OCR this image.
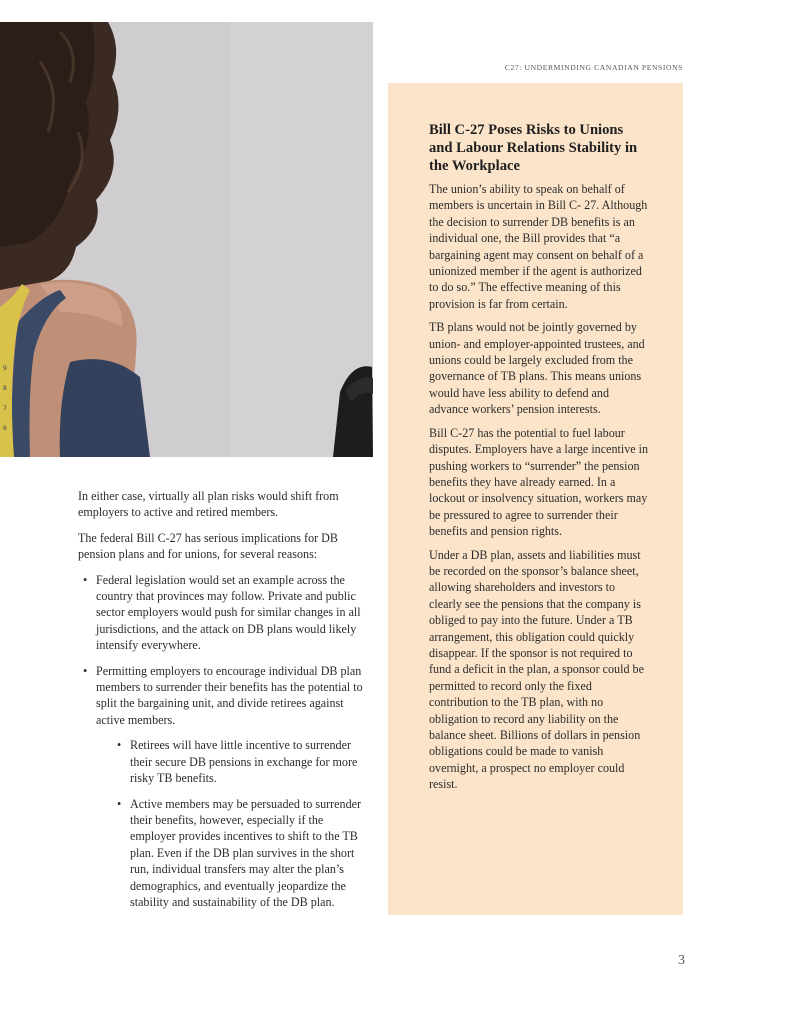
9
8
7
6
C27: UNDERMINDING CANADIAN PENSIONS
Bill C-27 Poses Risks to Unions and Labour Relations Stability in the Workplace

The union’s ability to speak on behalf of members is uncertain in Bill C- 27. Although the decision to surrender DB benefits is an individual one, the Bill provides that “a bargaining agent may consent on behalf of a unionized member if the agent is authorized to do so.” The effective meaning of this provision is far from certain.

TB plans would not be jointly governed by union- and employer-appointed trustees, and unions could be largely excluded from the governance of TB plans. This means unions would have less ability to defend and advance workers’ pension interests.

Bill C-27 has the potential to fuel labour disputes. Employers have a large incentive in pushing workers to “surrender” the pension benefits they have already earned. In a lockout or insolvency situation, workers may be pressured to agree to surrender their benefits and pension rights.

Under a DB plan, assets and liabilities must be recorded on the sponsor’s balance sheet, allowing shareholders and investors to clearly see the pensions that the company is obliged to pay into the future. Under a TB arrangement, this obligation could quickly disappear. If the sponsor is not required to fund a deficit in the plan, a sponsor could be permitted to record only the fixed contribution to the TB plan, with no obligation to record any liability on the balance sheet. Billions of dollars in pension obligations could be made to vanish overnight, a prospect no employer could resist.

In either case, virtually all plan risks would shift from employers to active and retired members.

The federal Bill C-27 has serious implications for DB pension plans and for unions, for several reasons:

• Federal legislation would set an example across the country that provinces may follow. Private and public sector employers would push for similar changes in all jurisdictions, and the attack on DB plans would likely intensify everywhere.
• Permitting employers to encourage individual DB plan members to surrender their benefits has the potential to split the bargaining unit, and divide retirees against active members.
• Retirees will have little incentive to surrender their secure DB pensions in exchange for more risky TB benefits.
• Active members may be persuaded to surrender their benefits, however, especially if the employer provides incentives to shift to the TB plan. Even if the DB plan survives in the short run, individual transfers may alter the plan’s demographics, and eventually jeopardize the stability and sustainability of the DB plan.
3
